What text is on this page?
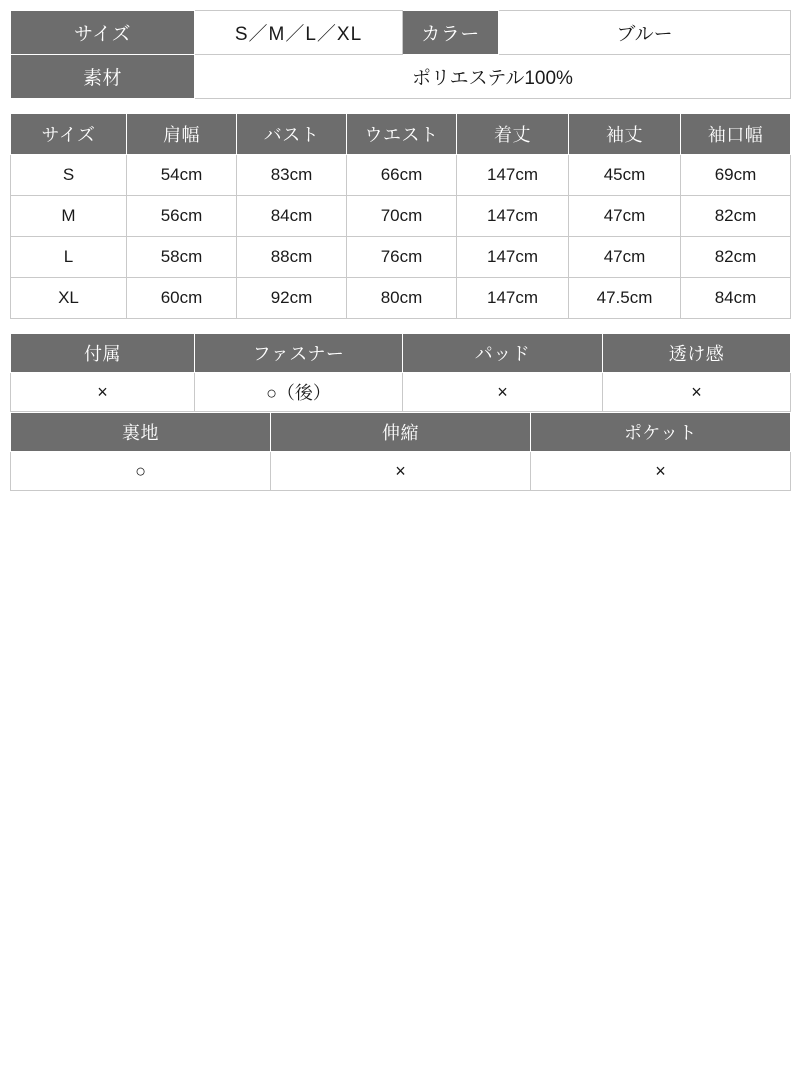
サイズ	S／M／L／XL	カラー	ブルー
素材	ポリエステル100%		
サイズ	肩幅	バスト	ウエスト	着丈	袖丈	袖口幅
S	54cm	83cm	66cm	147cm	45cm	69cm
M	56cm	84cm	70cm	147cm	47cm	82cm
L	58cm	88cm	76cm	147cm	47cm	82cm
XL	60cm	92cm	80cm	147cm	47.5cm	84cm
付属	ファスナー	パッド	透け感
×	○（後）	×	×
裏地	伸縮	ポケット
○	×	×
